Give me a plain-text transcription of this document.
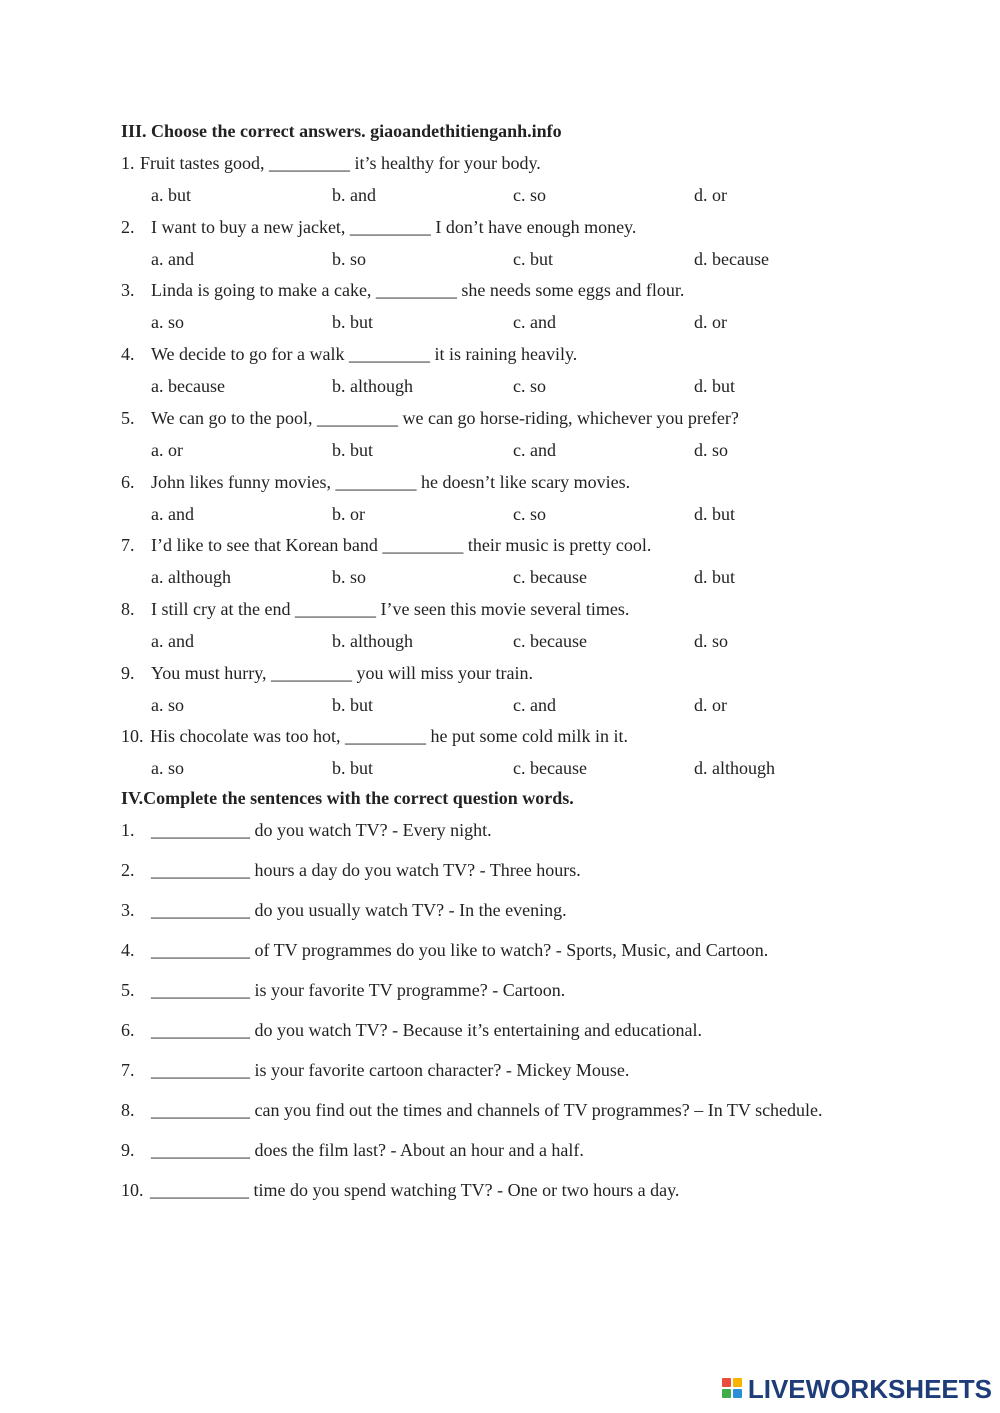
III. Choose the correct answers. giaoandethitienganh.info
1. Fruit tastes good, _________ it’s healthy for your body.
a. but	b. and	c. so	d. or
2. I want to buy a new jacket, _________ I don’t have enough money.
a. and	b. so	c. but	d. because
3. Linda is going to make a cake, _________ she needs some eggs and flour.
a. so	b. but	c. and	d. or
4. We decide to go for a walk _________ it is raining heavily.
a. because	b. although	c. so	d. but
5. We can go to the pool, _________ we can go horse-riding, whichever you prefer?
a. or	b. but	c. and	d. so
6. John likes funny movies, _________ he doesn’t like scary movies.
a. and	b. or	c. so	d. but
7. I’d like to see that Korean band _________ their music is pretty cool.
a. although	b. so	c. because	d. but
8. I still cry at the end _________ I’ve seen this movie several times.
a. and	b. although	c. because	d. so
9. You must hurry, _________ you will miss your train.
a. so	b. but	c. and	d. or
10. His chocolate was too hot, _________ he put some cold milk in it.
a. so	b. but	c. because	d. although
IV.Complete the sentences with the correct question words.
1. ___________ do you watch TV? - Every night.
2. ___________ hours a day do you watch TV? - Three hours.
3. ___________ do you usually watch TV? - In the evening.
4. ___________ of TV programmes do you like to watch? - Sports, Music, and Cartoon.
5. ___________ is your favorite TV programme? - Cartoon.
6. ___________ do you watch TV? - Because it’s entertaining and educational.
7. ___________ is your favorite cartoon character? - Mickey Mouse.
8. ___________ can you find out the times and channels of TV programmes? – In TV schedule.
9. ___________ does the film last? - About an hour and a half.
10. ___________ time do you spend watching TV? - One or two hours a day.
LIVEWORKSHEETS
